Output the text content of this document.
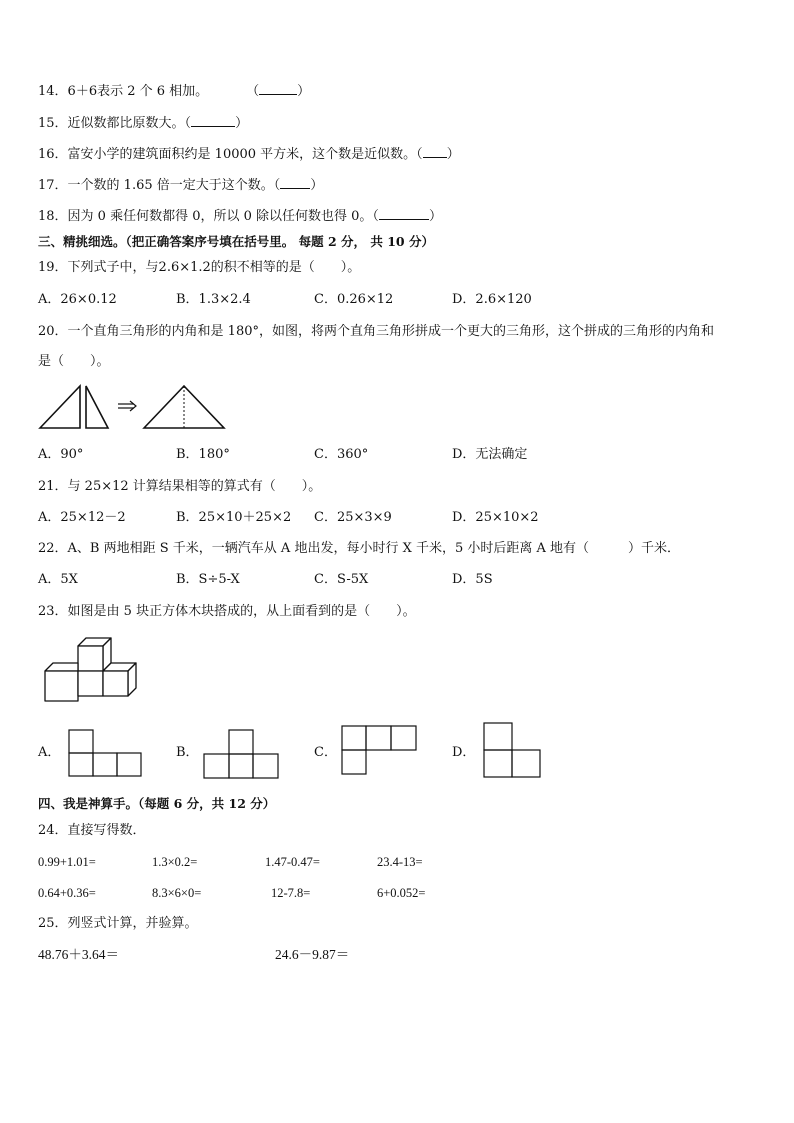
14．6＋6表示 2 个 6 相加。	（	）
15．近似数都比原数大。（	）
16．富安小学的建筑面积约是 10000 平方米，这个数是近似数。（ ）
17．一个数的 1.65 倍一定大于这个数。（ ）
18．因为 0 乘任何数都得 0，所以 0 除以任何数也得 0。（	）
三、精挑细选。（把正确答案序号填在括号里。 每题 2 分， 共 10 分）
19．下列式子中，与2.6×1.2的积不相等的是（　　）。
A．26×0.12	B．1.3×2.4	C．0.26×12	D．2.6×120
20．一个直角三角形的内角和是 180°，如图，将两个直角三角形拼成一个更大的三角形，这个拼成的三角形的内角和
是（　　）。
A．90°	B．180°	C．360°	D．无法确定
21．与 25×12 计算结果相等的算式有（　　）。
A．25×12－2	B．25×10＋25×2 C．25×3×9	D．25×10×2
22．A、B 两地相距 S 千米，一辆汽车从 A 地出发，每小时行 X 千米，5 小时后距离 A 地有（　　　）千米．
A．5X	B．S÷5-X	C．S-5X	D．5S
23．如图是由 5 块正方体木块搭成的，从上面看到的是（　　）。
A．	B．	C．	D．
四、我是神算手。（每题 6 分，共 12 分）
24．直接写得数．
0.99+1.01=	1.3×0.2=	1.47-0.47=	23.4-13=
0.64+0.36=	8.3×6×0=	12-7.8=	6+0.052=
25．列竖式计算，并验算。
48.76＋3.64＝	24.6－9.87＝
